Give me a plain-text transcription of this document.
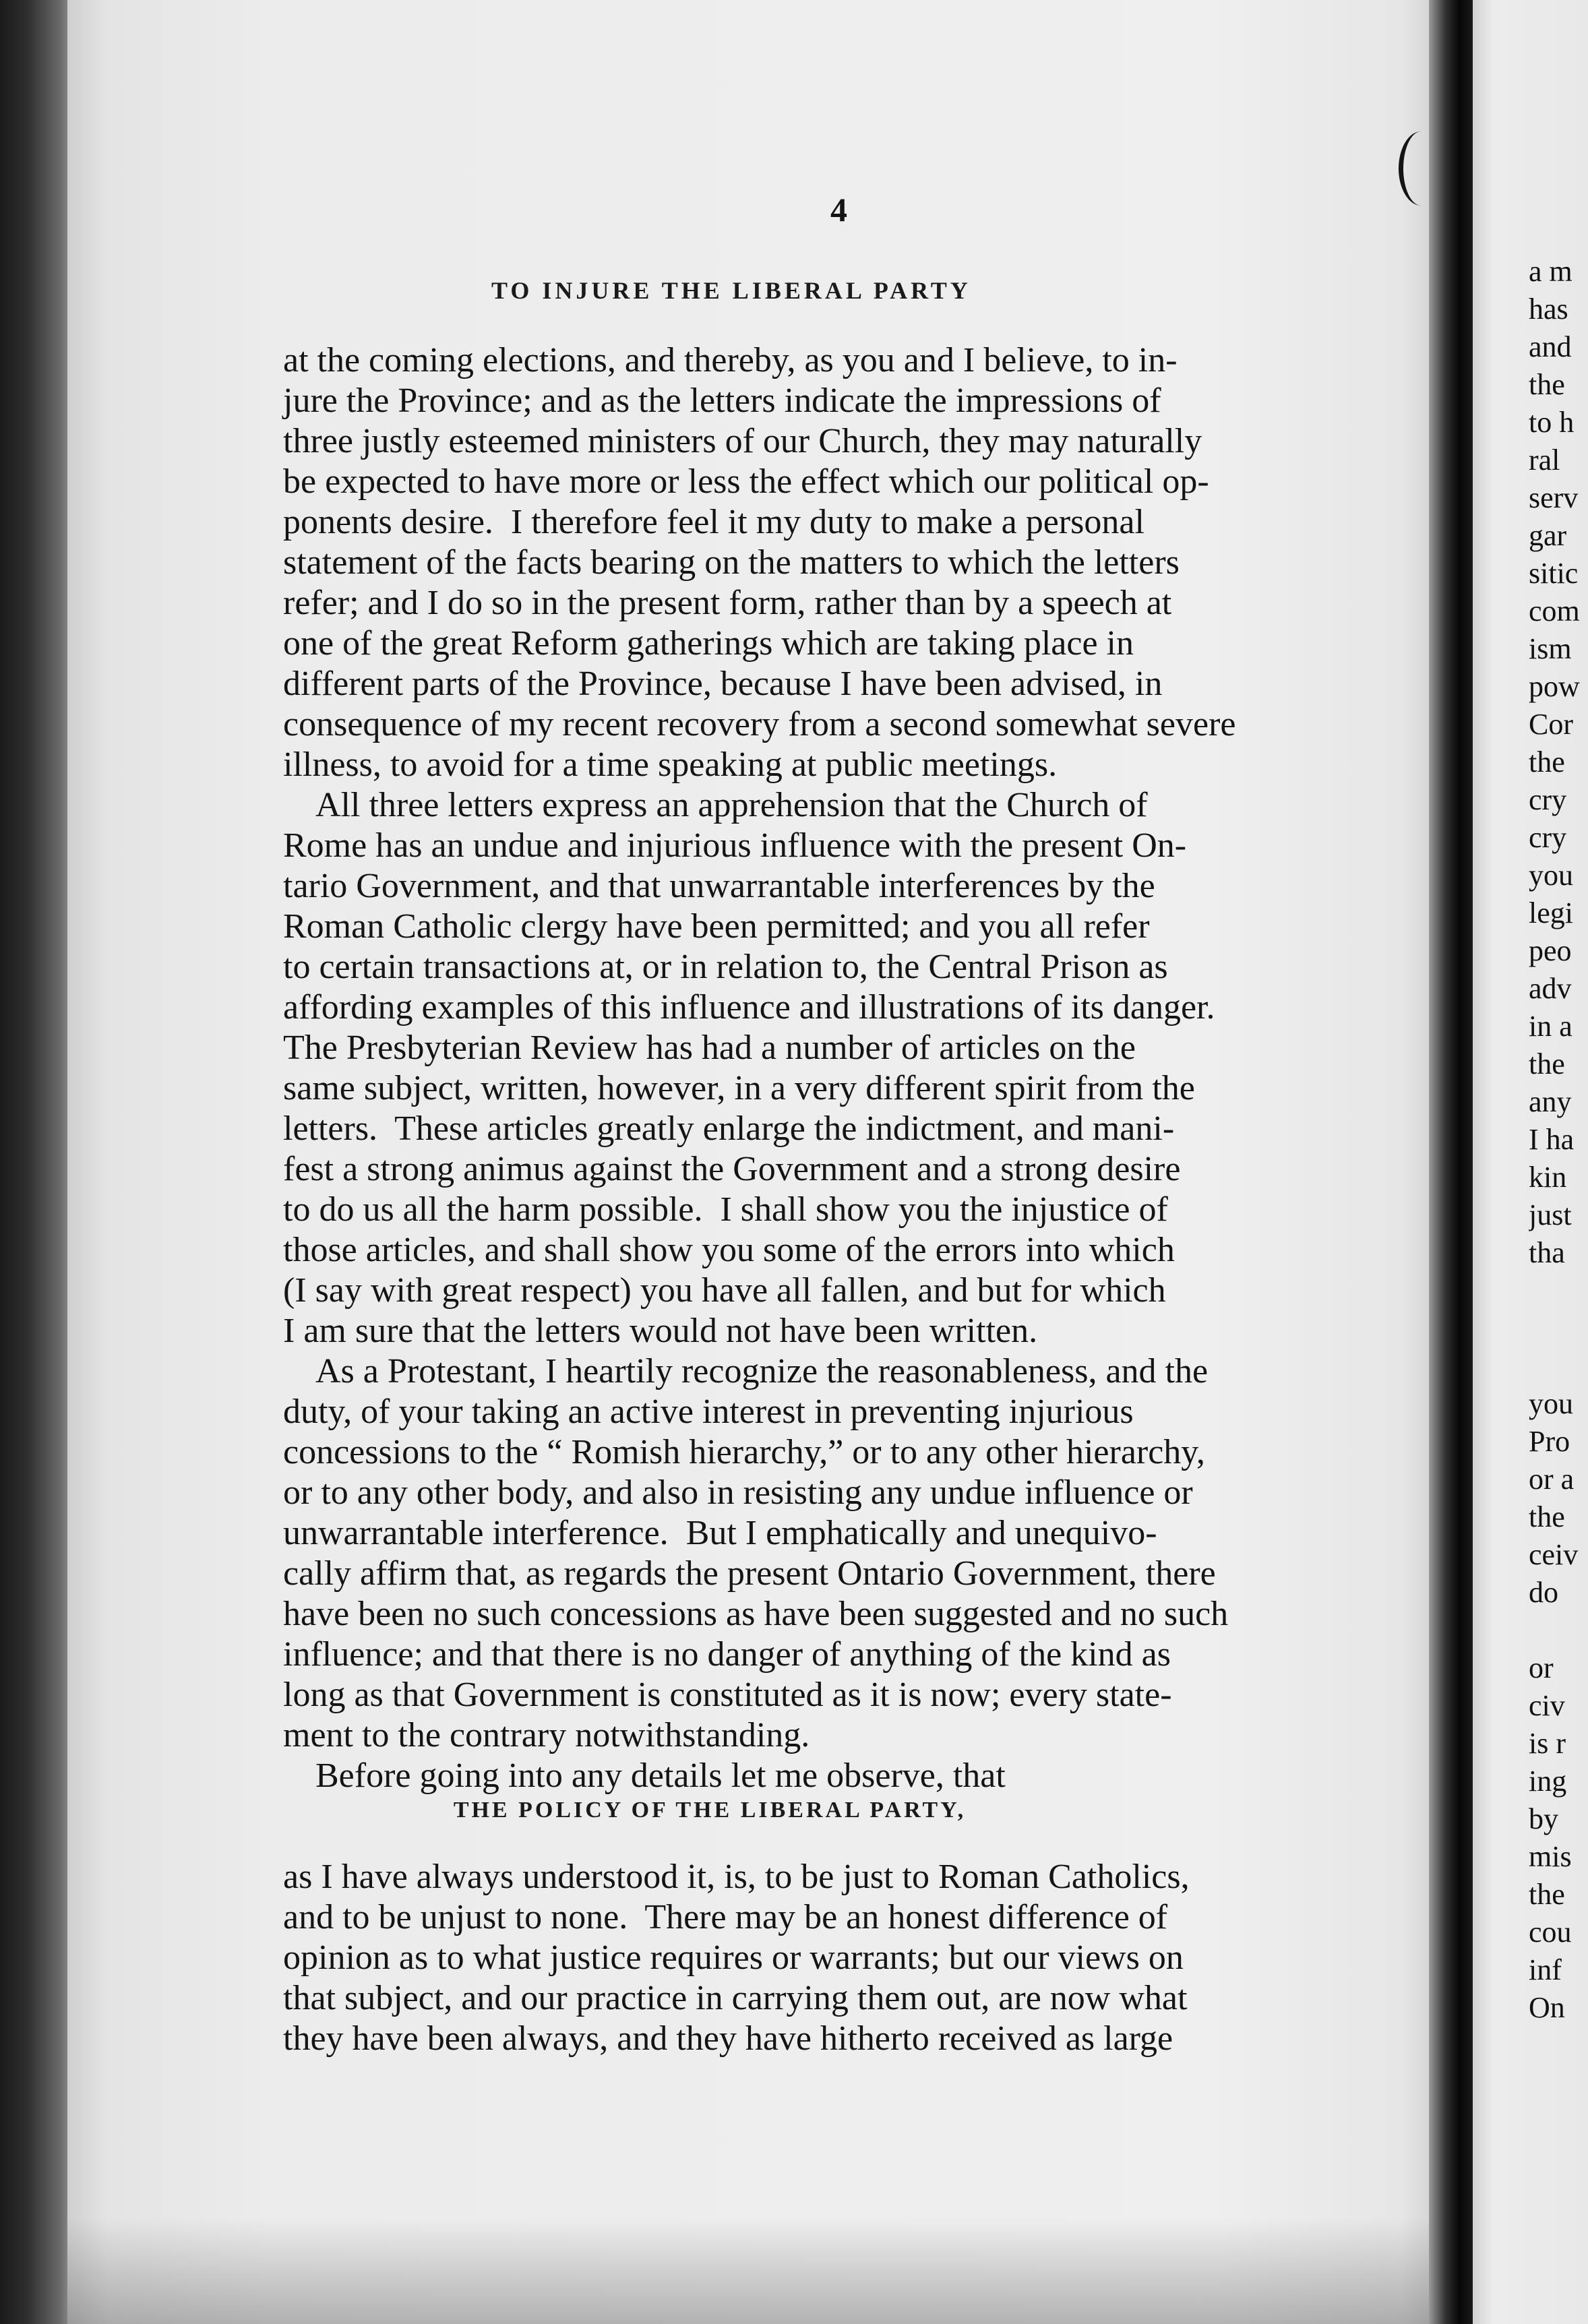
a m
has
and
the
to h
ral
serv
gar
sitic
com
ism
pow
Cor
the
cry
cry
you
legi
peo
adv
in a
the
any
I ha
kin
just
tha
you
Pro
or a
the
ceiv
do
or
civ
is r
ing
by
mis
the
cou
inf
On
4
TO INJURE THE LIBERAL PARTY
at the coming elections, and thereby, as you and I believe, to in-
jure the Province; and as the letters indicate the impressions of
three justly esteemed ministers of our Church, they may naturally
be expected to have more or less the effect which our political op-
ponents desire.  I therefore feel it my duty to make a personal
statement of the facts bearing on the matters to which the letters
refer; and I do so in the present form, rather than by a speech at
one of the great Reform gatherings which are taking place in
different parts of the Province, because I have been advised, in
consequence of my recent recovery from a second somewhat severe
illness, to avoid for a time speaking at public meetings.
All three letters express an apprehension that the Church of
Rome has an undue and injurious influence with the present On-
tario Government, and that unwarrantable interferences by the
Roman Catholic clergy have been permitted; and you all refer
to certain transactions at, or in relation to, the Central Prison as
affording examples of this influence and illustrations of its danger.
The Presbyterian Review has had a number of articles on the
same subject, written, however, in a very different spirit from the
letters.  These articles greatly enlarge the indictment, and mani-
fest a strong animus against the Government and a strong desire
to do us all the harm possible.  I shall show you the injustice of
those articles, and shall show you some of the errors into which
(I say with great respect) you have all fallen, and but for which
I am sure that the letters would not have been written.
As a Protestant, I heartily recognize the reasonableness, and the
duty, of your taking an active interest in preventing injurious
concessions to the “ Romish hierarchy,” or to any other hierarchy,
or to any other body, and also in resisting any undue influence or
unwarrantable interference.  But I emphatically and unequivo-
cally affirm that, as regards the present Ontario Government, there
have been no such concessions as have been suggested and no such
influence; and that there is no danger of anything of the kind as
long as that Government is constituted as it is now; every state-
ment to the contrary notwithstanding.
Before going into any details let me observe, that
THE POLICY OF THE LIBERAL PARTY,
as I have always understood it, is, to be just to Roman Catholics,
and to be unjust to none.  There may be an honest difference of
opinion as to what justice requires or warrants; but our views on
that subject, and our practice in carrying them out, are now what
they have been always, and they have hitherto received as large
